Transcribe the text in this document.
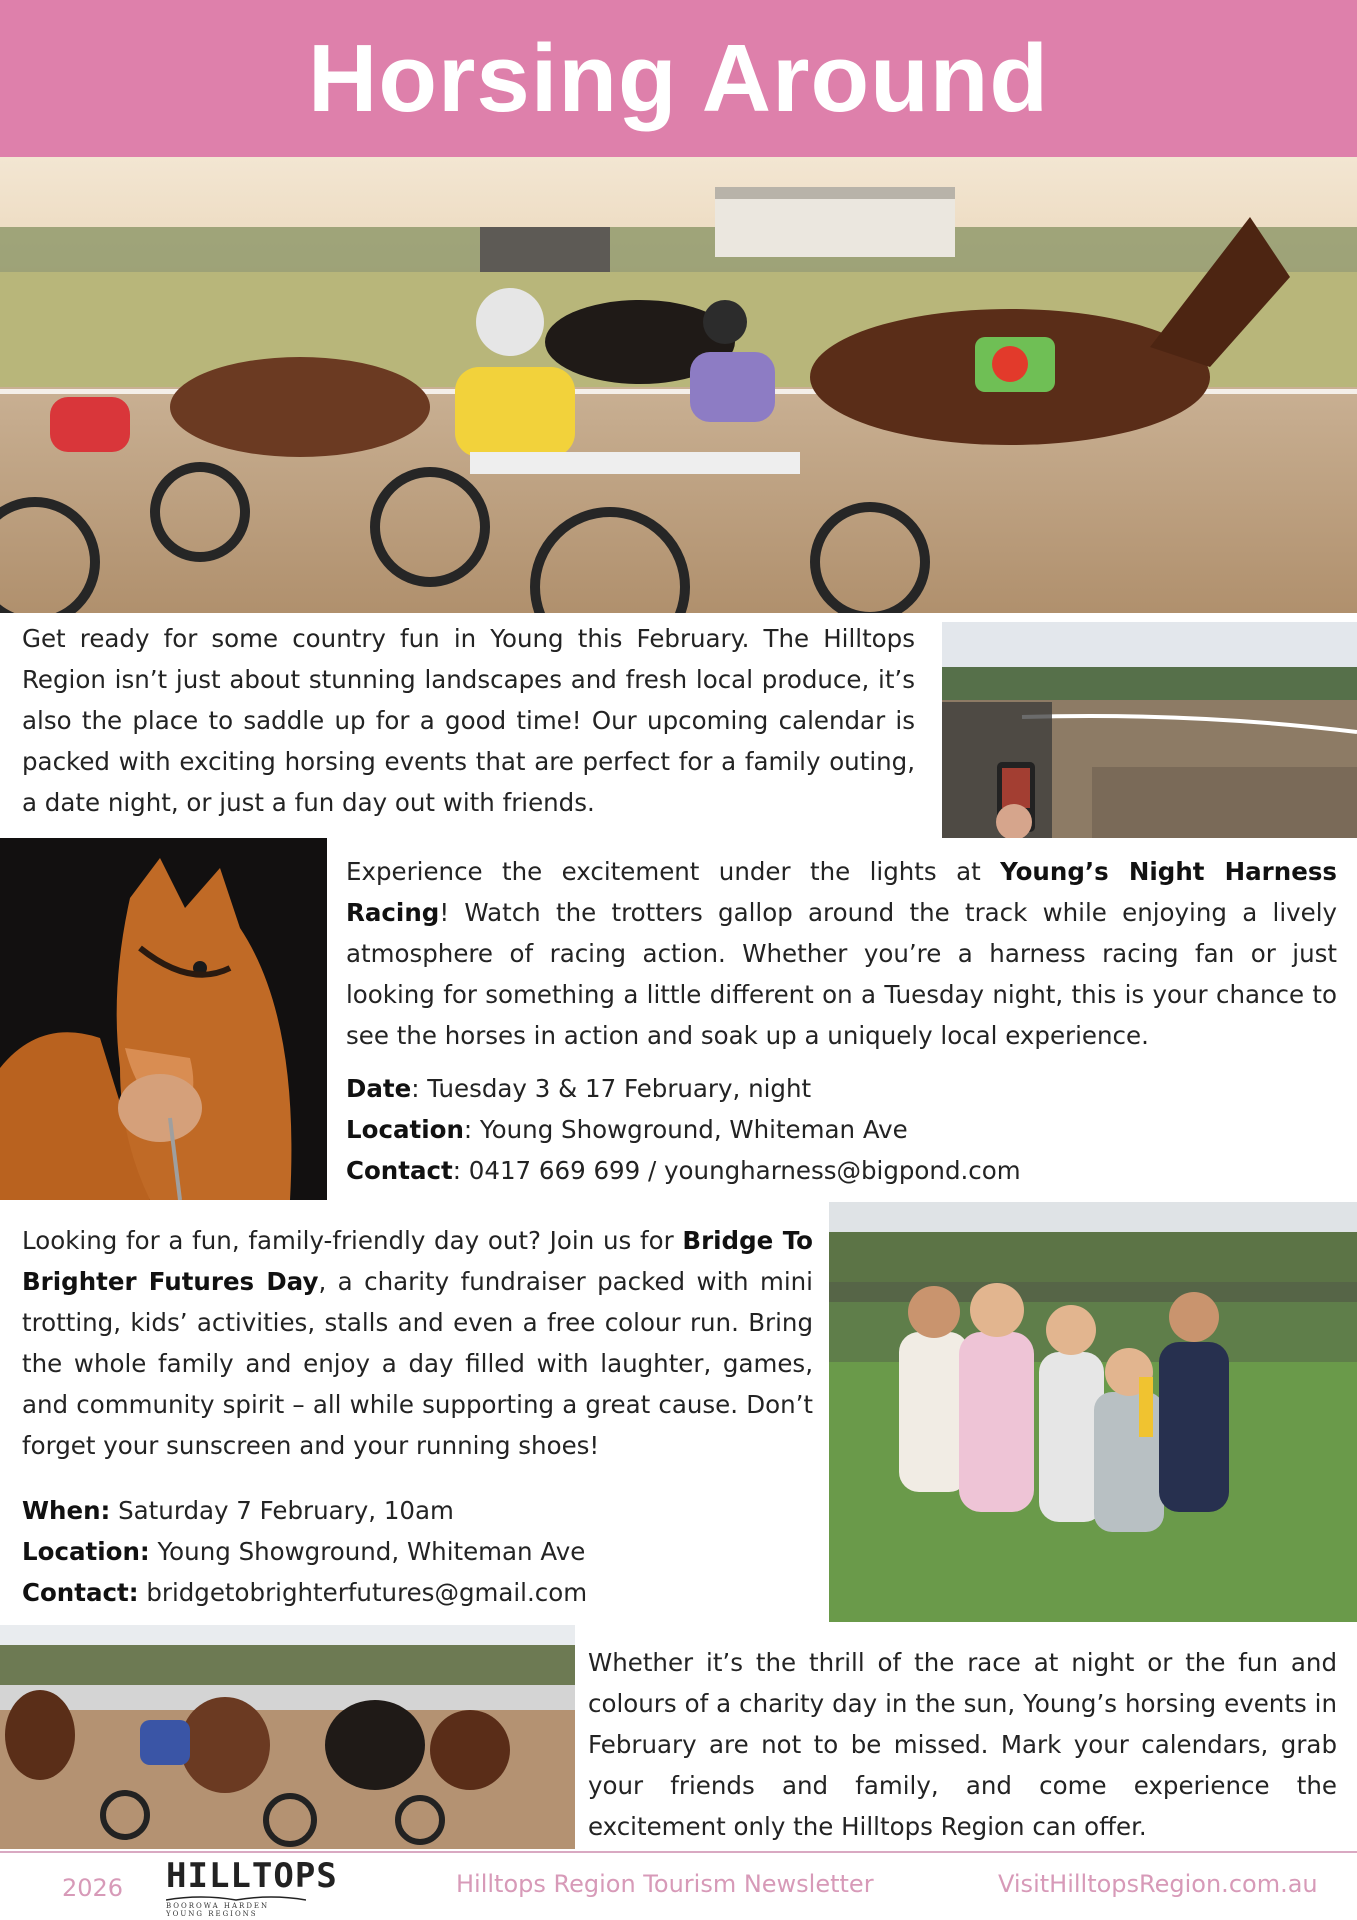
Horsing Around

Get ready for some country fun in Young this February. The Hilltops Region isn’t just about stunning landscapes and fresh local produce, it’s also the place to saddle up for a good time! Our upcoming calendar is packed with exciting horsing events that are perfect for a family outing, a date night, or just a fun day out with friends.

Experience the excitement under the lights at Young’s Night Harness Racing! Watch the trotters gallop around the track while enjoying a lively atmosphere of racing action. Whether you’re a harness racing fan or just looking for something a little different on a Tuesday night, this is your chance to see the horses in action and soak up a uniquely local experience.

Date: Tuesday 3 & 17 February, night
Location: Young Showground, Whiteman Ave
Contact: 0417 669 699 / youngharness@bigpond.com

Looking for a fun, family-friendly day out? Join us for Bridge To Brighter Futures Day, a charity fundraiser packed with mini trotting, kids’ activities, stalls and even a free colour run. Bring the whole family and enjoy a day filled with laughter, games, and community spirit – all while supporting a great cause. Don’t forget your sunscreen and your running shoes!

When: Saturday 7 February, 10am
Location: Young Showground, Whiteman Ave
Contact: bridgetobrighterfutures@gmail.com

Whether it’s the thrill of the race at night or the fun and colours of a charity day in the sun, Young’s horsing events in February are not to be missed. Mark your calendars, grab your friends and family, and come experience the excitement only the Hilltops Region can offer.

2026 HILLTOPS
BOOROWA HARDEN YOUNG REGIONS
Hilltops Region Tourism Newsletter	VisitHilltopsRegion.com.au
